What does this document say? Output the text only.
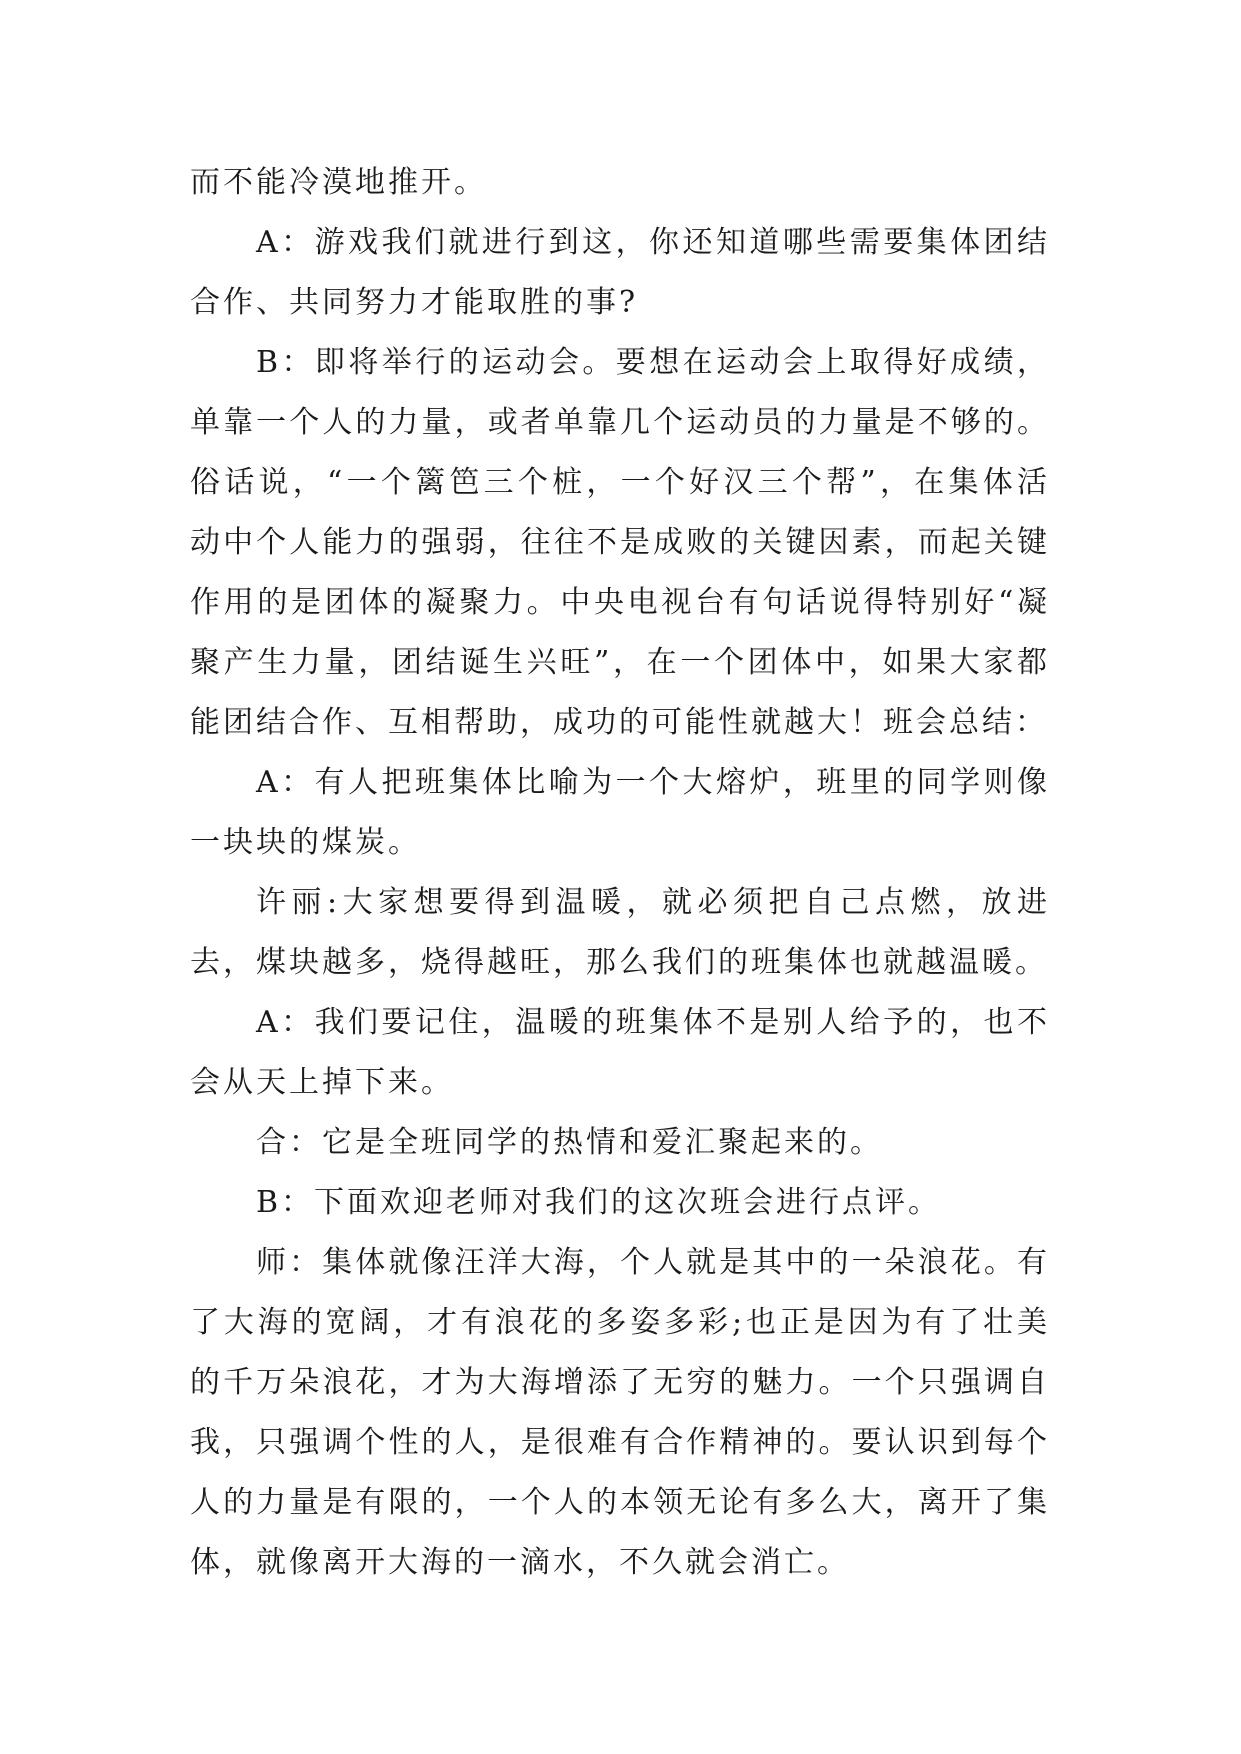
而不能冷漠地推开。

A：游戏我们就进行到这，你还知道哪些需要集体团结合作、共同努力才能取胜的事?

B：即将举行的运动会。要想在运动会上取得好成绩，单靠一个人的力量，或者单靠几个运动员的力量是不够的。俗话说，“一个篱笆三个桩，一个好汉三个帮”，在集体活动中个人能力的强弱，往往不是成败的关键因素，而起关键作用的是团体的凝聚力。中央电视台有句话说得特别好“凝聚产生力量，团结诞生兴旺”，在一个团体中，如果大家都能团结合作、互相帮助，成功的可能性就越大！班会总结：

A：有人把班集体比喻为一个大熔炉，班里的同学则像一块块的煤炭。

许丽:大家想要得到温暖，就必须把自己点燃，放进去，煤块越多，烧得越旺，那么我们的班集体也就越温暖。

A：我们要记住，温暖的班集体不是别人给予的，也不会从天上掉下来。

合：它是全班同学的热情和爱汇聚起来的。

B：下面欢迎老师对我们的这次班会进行点评。

师：集体就像汪洋大海，个人就是其中的一朵浪花。有了大海的宽阔，才有浪花的多姿多彩;也正是因为有了壮美的千万朵浪花，才为大海增添了无穷的魅力。一个只强调自我，只强调个性的人，是很难有合作精神的。要认识到每个人的力量是有限的，一个人的本领无论有多么大，离开了集体，就像离开大海的一滴水，不久就会消亡。
